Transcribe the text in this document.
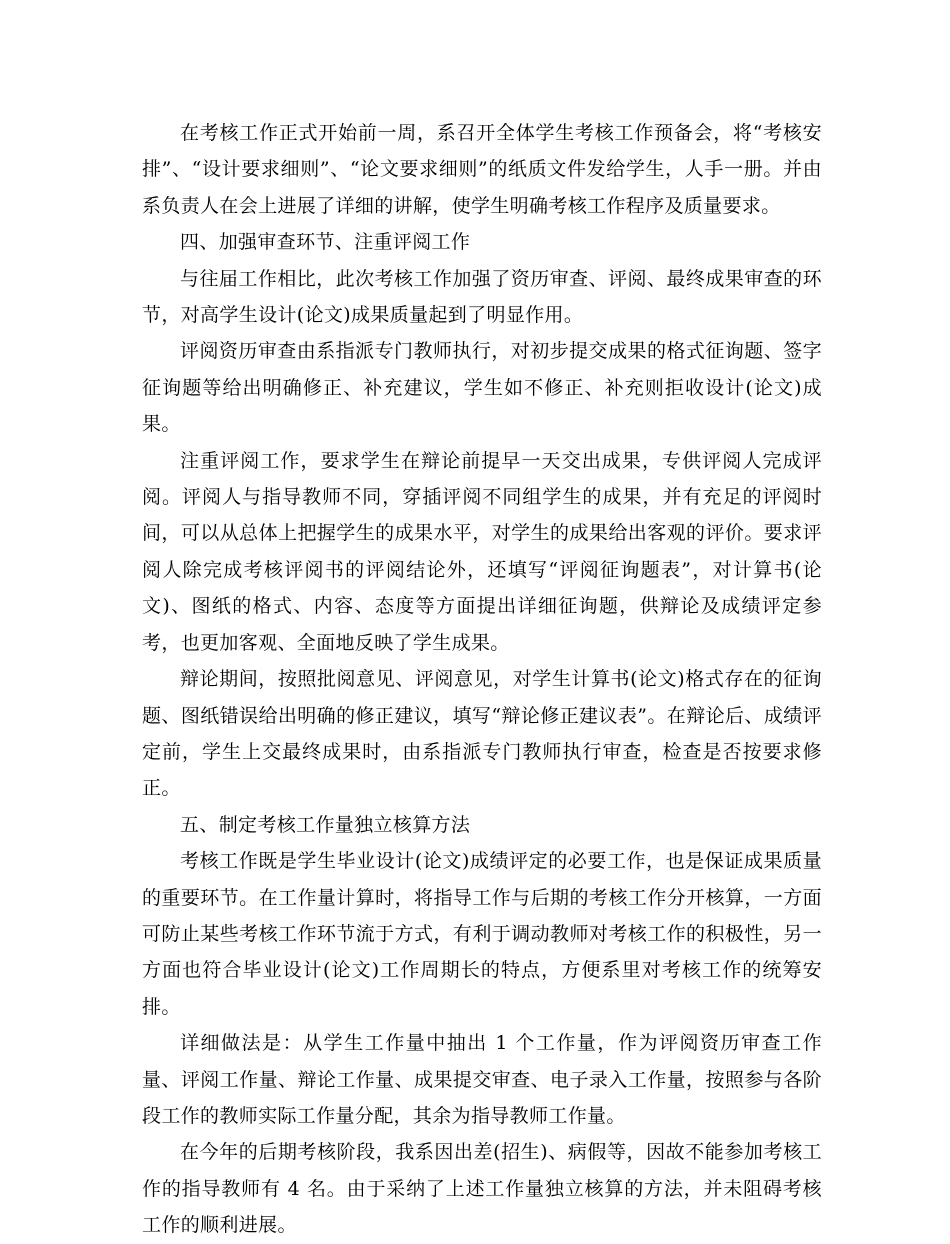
在考核工作正式开始前一周，系召开全体学生考核工作预备会，将“考核安排”、“设计要求细则”、“论文要求细则”的纸质文件发给学生，人手一册。并由系负责人在会上进展了详细的讲解，使学生明确考核工作程序及质量要求。

四、加强审查环节、注重评阅工作

与往届工作相比，此次考核工作加强了资历审查、评阅、最终成果审查的环节，对高学生设计(论文)成果质量起到了明显作用。

评阅资历审查由系指派专门教师执行，对初步提交成果的格式征询题、签字征询题等给出明确修正、补充建议，学生如不修正、补充则拒收设计(论文)成果。

注重评阅工作，要求学生在辩论前提早一天交出成果，专供评阅人完成评阅。评阅人与指导教师不同，穿插评阅不同组学生的成果，并有充足的评阅时间，可以从总体上把握学生的成果水平，对学生的成果给出客观的评价。要求评阅人除完成考核评阅书的评阅结论外，还填写“评阅征询题表”，对计算书(论文)、图纸的格式、内容、态度等方面提出详细征询题，供辩论及成绩评定参考，也更加客观、全面地反映了学生成果。

辩论期间，按照批阅意见、评阅意见，对学生计算书(论文)格式存在的征询题、图纸错误给出明确的修正建议，填写“辩论修正建议表”。在辩论后、成绩评定前，学生上交最终成果时，由系指派专门教师执行审查，检查是否按要求修正。

五、制定考核工作量独立核算方法

考核工作既是学生毕业设计(论文)成绩评定的必要工作，也是保证成果质量的重要环节。在工作量计算时，将指导工作与后期的考核工作分开核算，一方面可防止某些考核工作环节流于方式，有利于调动教师对考核工作的积极性，另一方面也符合毕业设计(论文)工作周期长的特点，方便系里对考核工作的统筹安排。

详细做法是：从学生工作量中抽出 1 个工作量，作为评阅资历审查工作量、评阅工作量、辩论工作量、成果提交审查、电子录入工作量，按照参与各阶段工作的教师实际工作量分配，其余为指导教师工作量。

在今年的后期考核阶段，我系因出差(招生)、病假等，因故不能参加考核工作的指导教师有 4 名。由于采纳了上述工作量独立核算的方法，并未阻碍考核工作的顺利进展。
